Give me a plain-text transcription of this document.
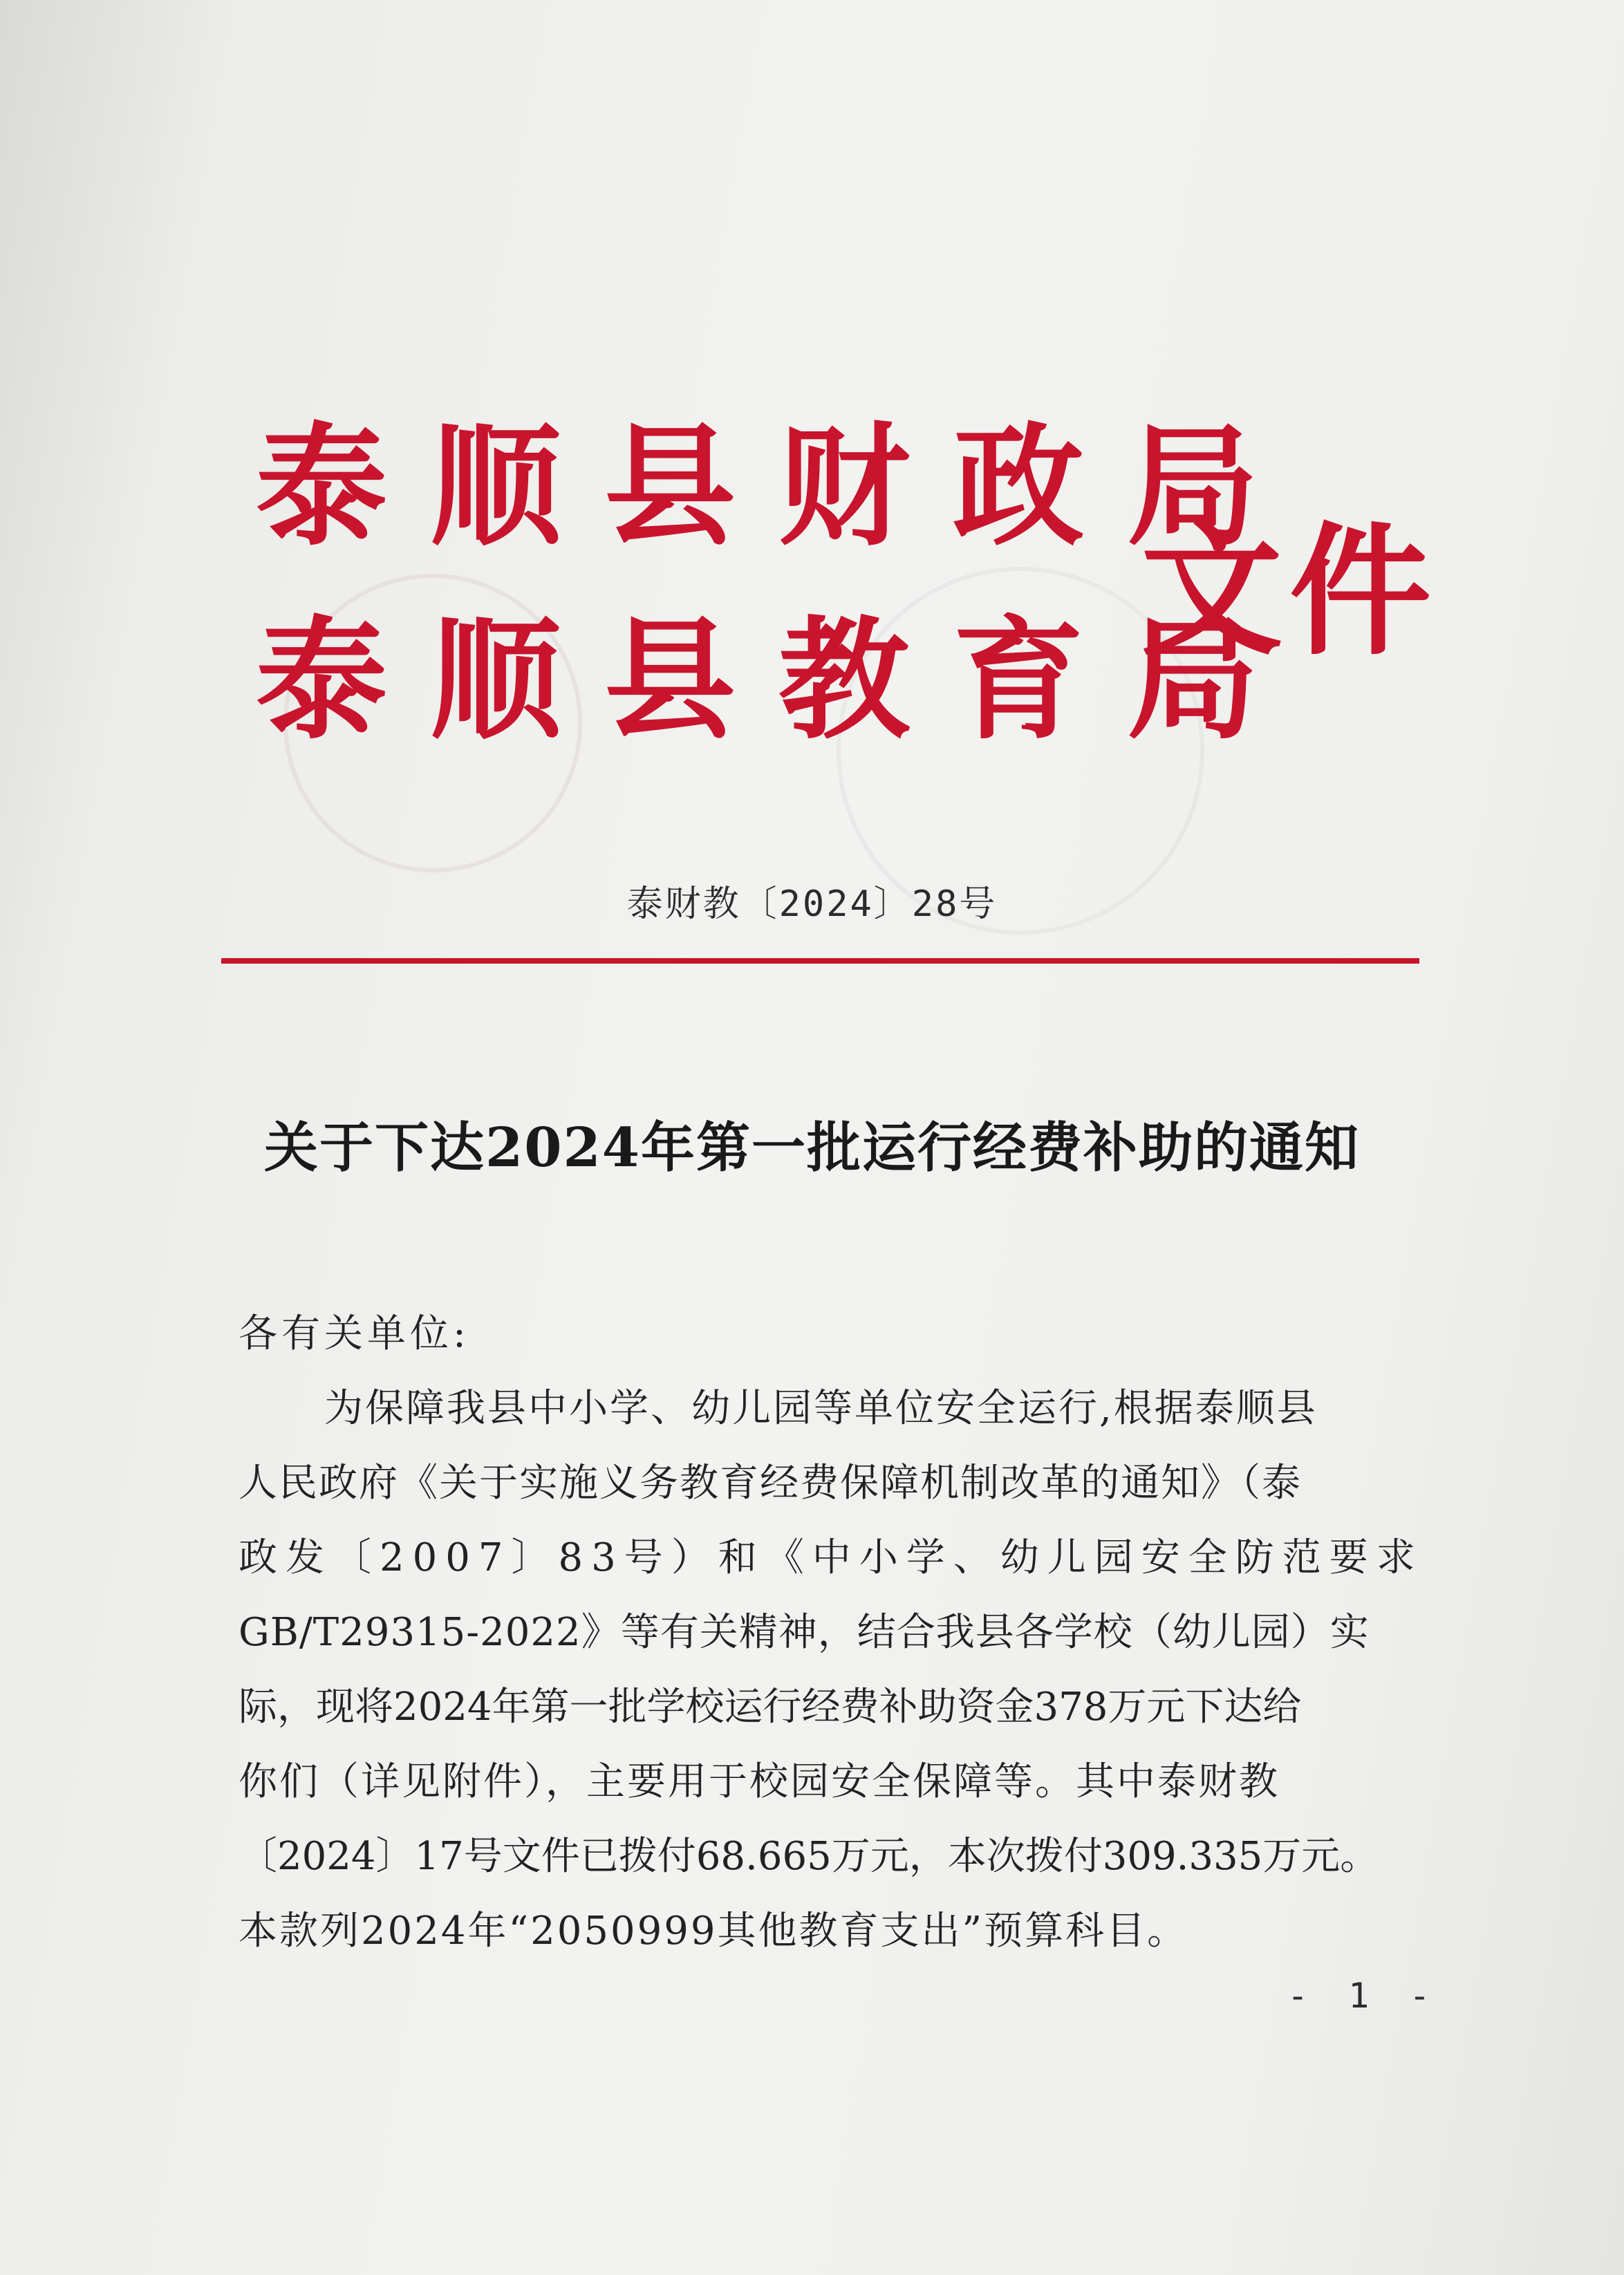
泰顺县财政局
泰顺县教育局
文件
泰财教〔2024〕28号
关于下达2024年第一批运行经费补助的通知
各有关单位:
　为保障我县中小学、幼儿园等单位安全运行,根据泰顺县
人民政府《关于实施义务教育经费保障机制改革的通知》（泰
政发〔2007〕83号）和《中小学、幼儿园安全防范要求
GB/T29315-2022》等有关精神，结合我县各学校（幼儿园）实
际，现将2024年第一批学校运行经费补助资金378万元下达给
你们（详见附件），主要用于校园安全保障等。其中泰财教
〔2024〕17号文件已拨付68.665万元，本次拨付309.335万元。
本款列2024年“2050999其他教育支出”预算科目。
- 1 -
